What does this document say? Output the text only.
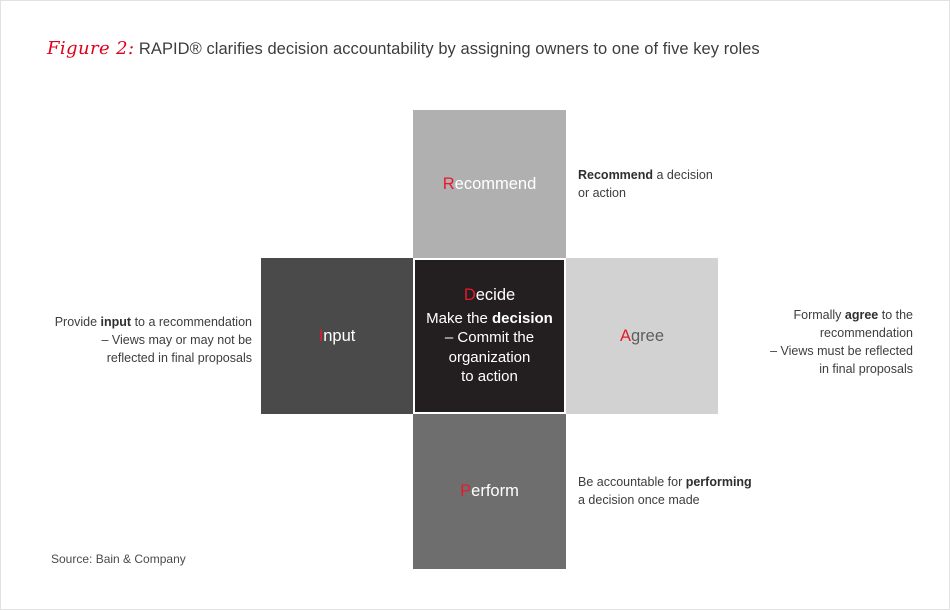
Figure 2: RAPID® clarifies decision accountability by assigning owners to one of five key roles
Recommend
Input
Decide
Make the decision
– Commit the
organization
to action
Agree
Perform
Recommend a decision
or action
Formally agree to the
recommendation

– Views must be reflected
in final proposals
Provide input to a recommendation

– Views may or may not be
reflected in final proposals
Be accountable for performing
a decision once made
Source: Bain & Company
